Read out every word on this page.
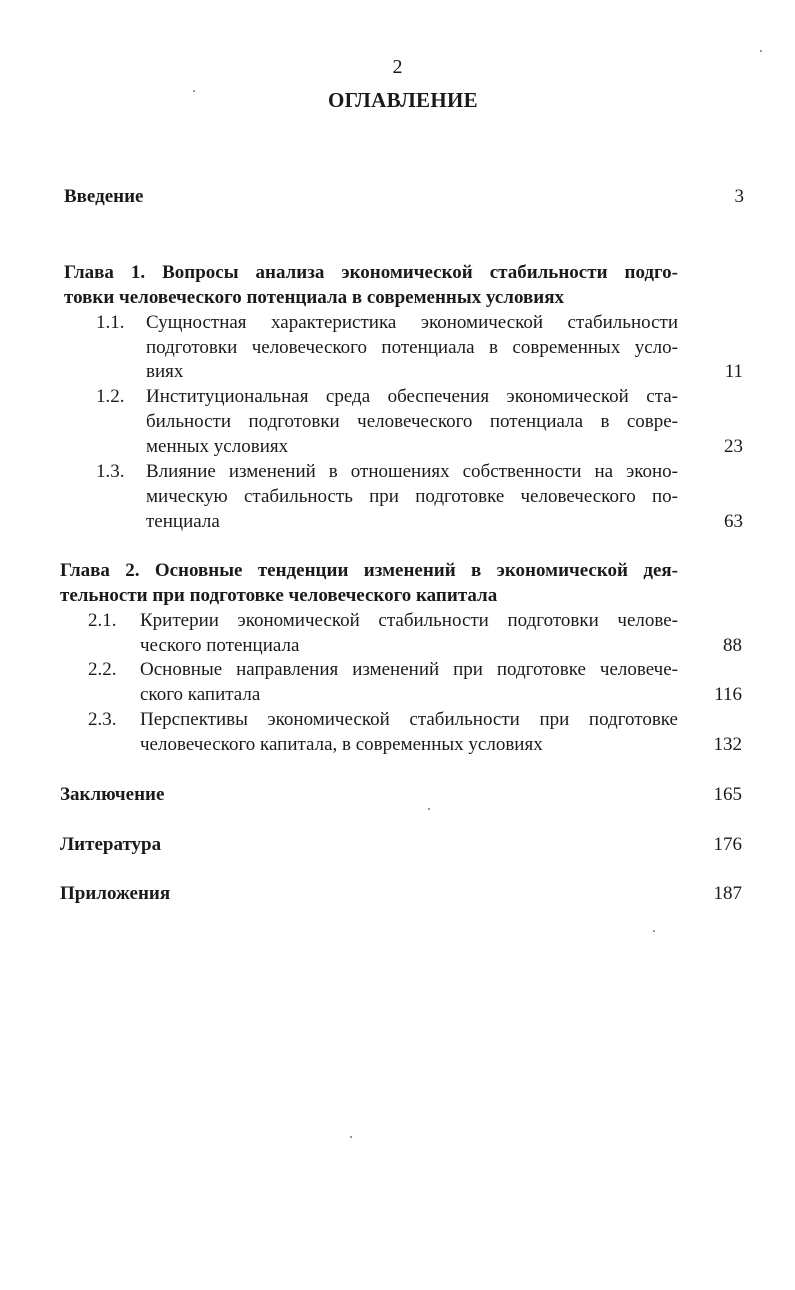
2
ОГЛАВЛЕНИЕ
Введение	3
Глава 1. Вопросы анализа экономической стабильности подго-
товки человеческого потенциала в современных условиях
1.1. Сущностная характеристика экономической стабильности
подготовки человеческого потенциала в современных усло-
виях	11
1.2. Институциональная среда обеспечения экономической ста-
бильности подготовки человеческого потенциала в совре-
менных условиях	23
1.3. Влияние изменений в отношениях собственности на эконо-
мическую стабильность при подготовке человеческого по-
тенциала	63
Глава 2. Основные тенденции изменений в экономической дея-
тельности при подготовке человеческого капитала
2.1. Критерии экономической стабильности подготовки челове-
ческого потенциала	88
2.2. Основные направления изменений при подготовке человече-
ского капитала	116
2.3. Перспективы экономической стабильности при подготовке
человеческого капитала, в современных условиях	132
Заключение	165
Литература	176
Приложения	187
